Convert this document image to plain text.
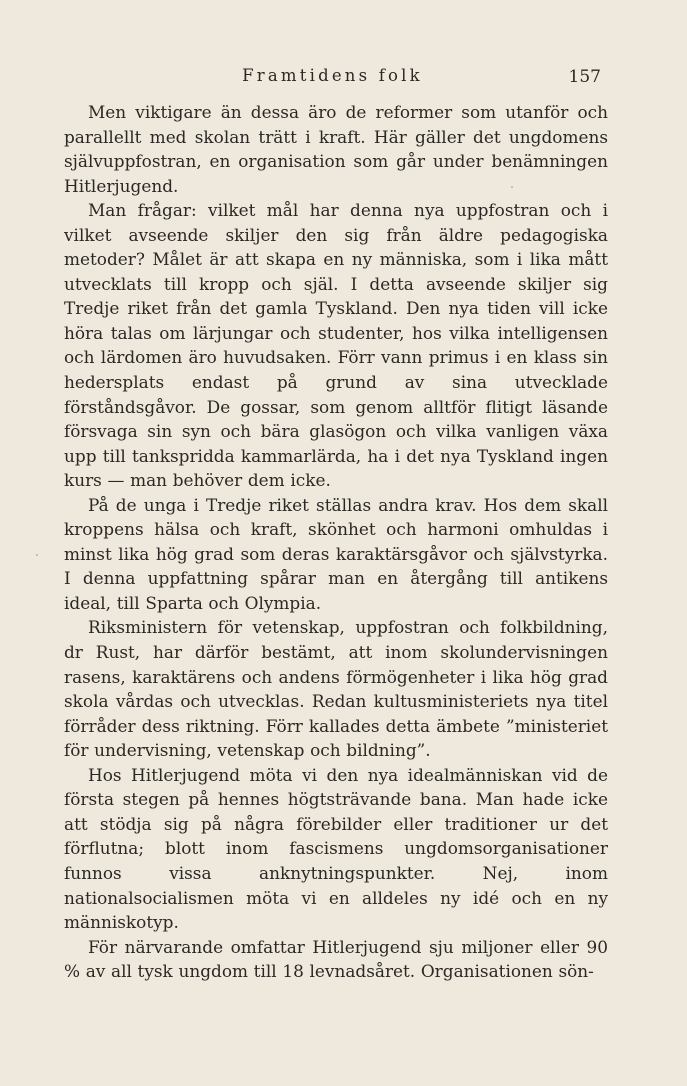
Framtidens folk	157

Men viktigare än dessa äro de reformer som utanför och parallellt med skolan trätt i kraft. Här gäller det ungdomens självuppfostran, en organisation som går under benämningen Hitlerjugend.

Man frågar: vilket mål har denna nya uppfostran och i vilket avseende skiljer den sig från äldre pedagogiska metoder? Målet är att skapa en ny människa, som i lika mått utvecklats till kropp och själ. I detta avseende skiljer sig Tredje riket från det gamla Tyskland. Den nya tiden vill icke höra talas om lärjungar och studenter, hos vilka intelligensen och lärdomen äro huvudsaken. Förr vann primus i en klass sin hedersplats endast på grund av sina utvecklade förståndsgåvor. De gossar, som genom alltför flitigt läsande försvaga sin syn och bära glasögon och vilka vanligen växa upp till tankspridda kammarlärda, ha i det nya Tyskland ingen kurs — man behöver dem icke.

På de unga i Tredje riket ställas andra krav. Hos dem skall kroppens hälsa och kraft, skönhet och harmoni omhuldas i minst lika hög grad som deras karaktärsgåvor och självstyrka. I denna uppfattning spårar man en återgång till antikens ideal, till Sparta och Olympia.

Riksministern för vetenskap, uppfostran och folkbildning, dr Rust, har därför bestämt, att inom skolundervisningen rasens, karaktärens och andens förmögenheter i lika hög grad skola vårdas och utvecklas. Redan kultusministeriets nya titel förråder dess riktning. Förr kallades detta ämbete ”ministeriet för undervisning, vetenskap och bildning”.

Hos Hitlerjugend möta vi den nya idealmänniskan vid de första stegen på hennes högtsträvande bana. Man hade icke att stödja sig på några förebilder eller traditioner ur det förflutna; blott inom fascismens ungdomsorganisationer funnos vissa anknytningspunkter. Nej, inom nationalsocialismen möta vi en alldeles ny idé och en ny människotyp.

För närvarande omfattar Hitlerjugend sju miljoner eller 90 % av all tysk ungdom till 18 levnadsåret. Organisationen sön-
